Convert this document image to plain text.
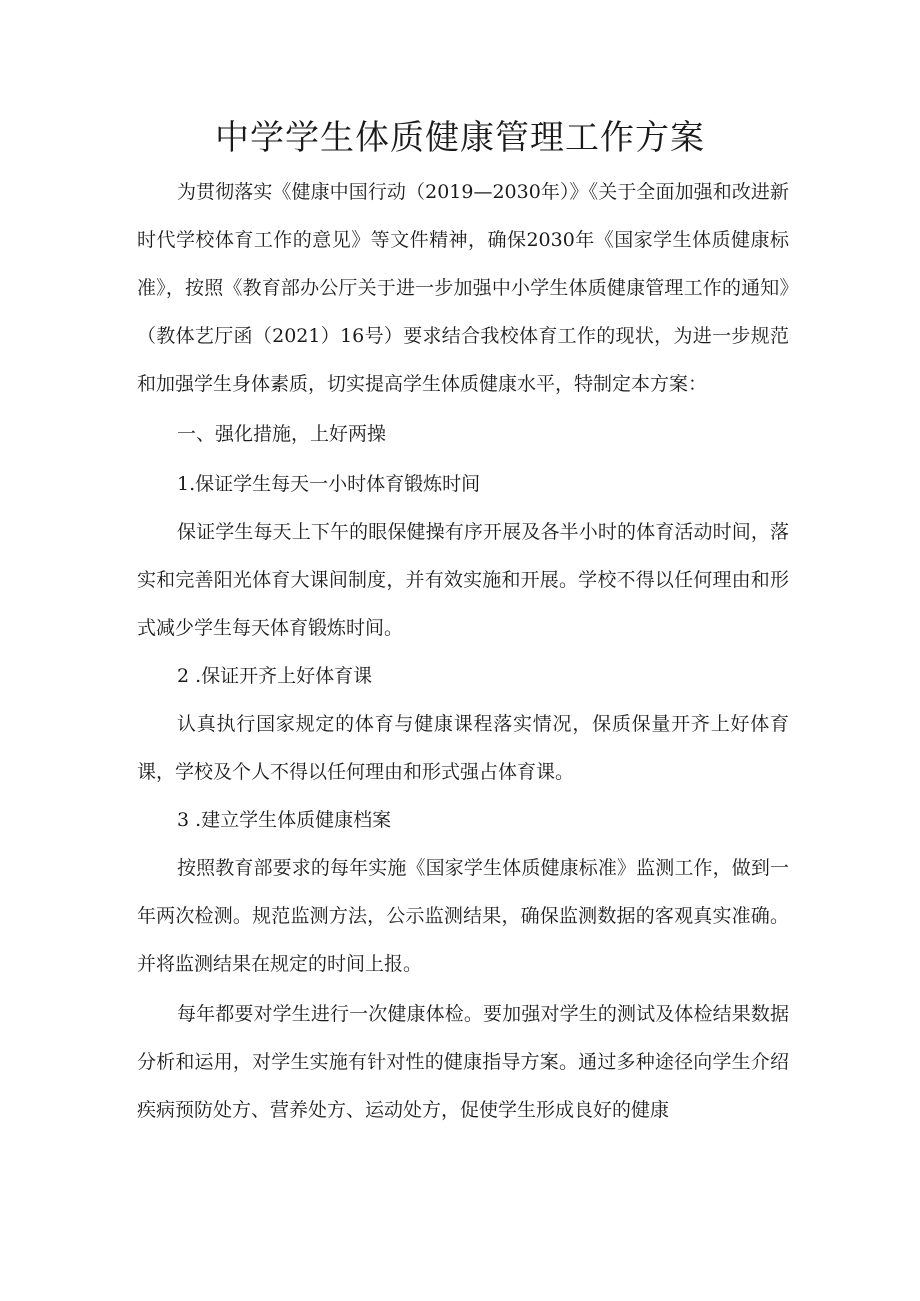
中学学生体质健康管理工作方案

为贯彻落实《健康中国行动（2019—2030年）》《关于全面加强和改进新时代学校体育工作的意见》等文件精神，确保2030年《国家学生体质健康标准》，按照《教育部办公厅关于进一步加强中小学生体质健康管理工作的通知》（教体艺厅函（2021）16号）要求结合我校体育工作的现状，为进一步规范和加强学生身体素质，切实提高学生体质健康水平，特制定本方案：

一、强化措施，上好两操

1.保证学生每天一小时体育锻炼时间

保证学生每天上下午的眼保健操有序开展及各半小时的体育活动时间，落实和完善阳光体育大课间制度，并有效实施和开展。学校不得以任何理由和形式减少学生每天体育锻炼时间。

2 .保证开齐上好体育课

认真执行国家规定的体育与健康课程落实情况，保质保量开齐上好体育课，学校及个人不得以任何理由和形式强占体育课。

3 .建立学生体质健康档案

按照教育部要求的每年实施《国家学生体质健康标准》监测工作，做到一年两次检测。规范监测方法，公示监测结果，确保监测数据的客观真实准确。并将监测结果在规定的时间上报。

每年都要对学生进行一次健康体检。要加强对学生的测试及体检结果数据分析和运用，对学生实施有针对性的健康指导方案。通过多种途径向学生介绍疾病预防处方、营养处方、运动处方，促使学生形成良好的健康
